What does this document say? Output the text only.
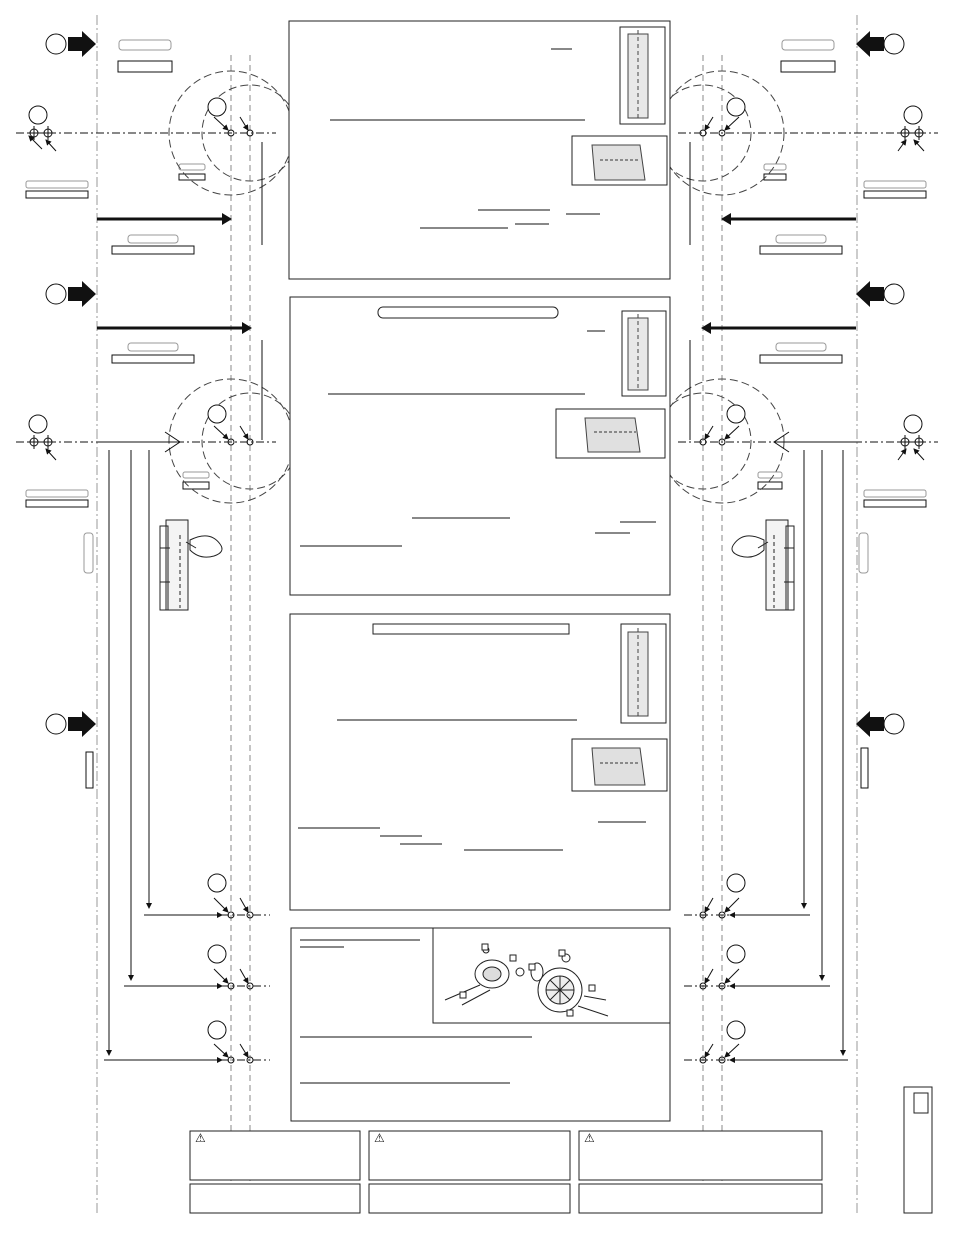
⚠	⚠	⚠
